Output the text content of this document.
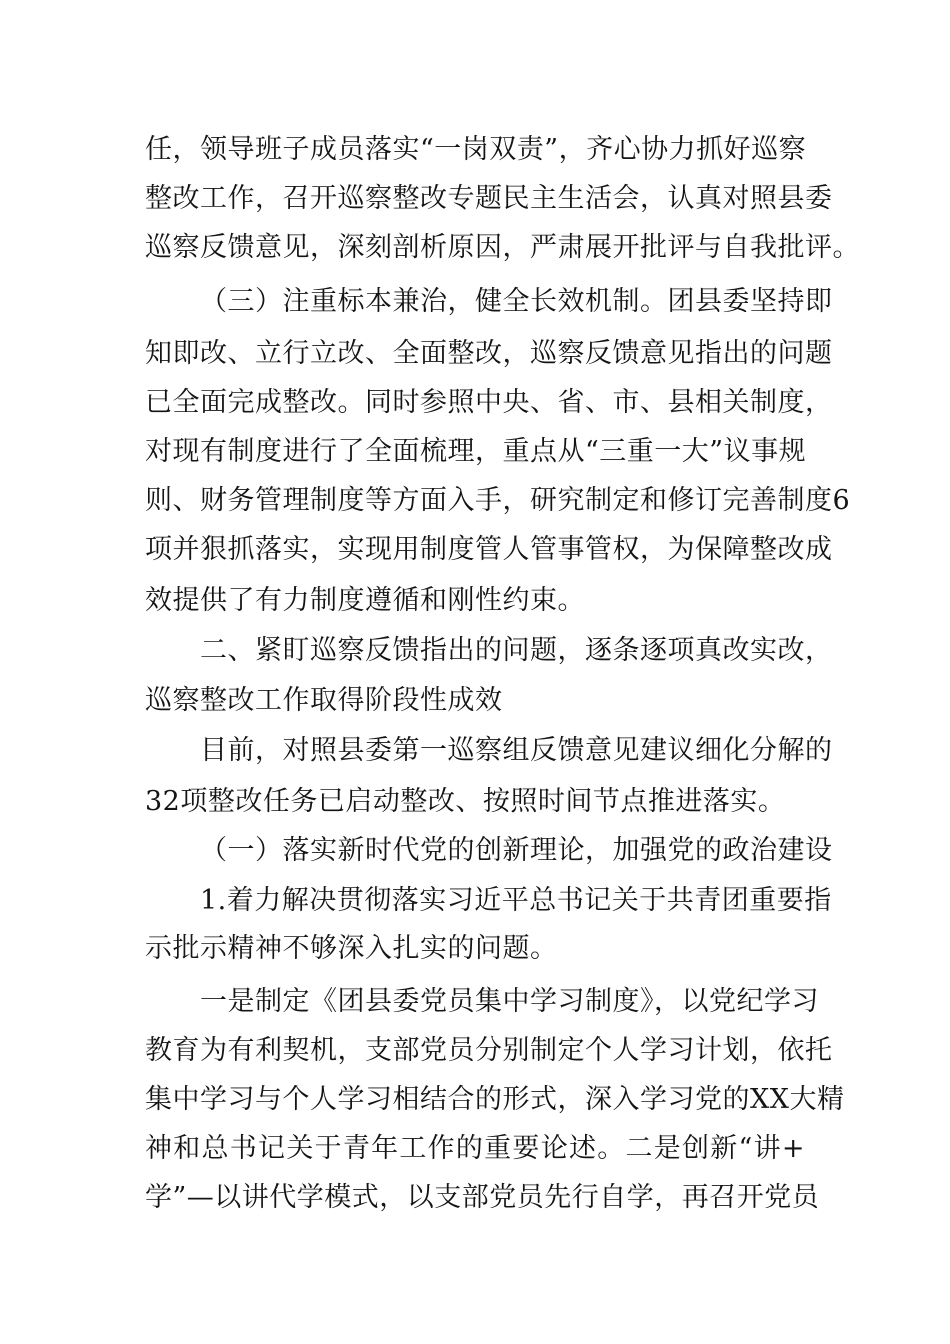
任，领导班子成员落实“一岗双责”，齐心协力抓好巡察
整改工作，召开巡察整改专题民主生活会，认真对照县委
巡察反馈意见，深刻剖析原因，严肃展开批评与自我批评。
（三）注重标本兼治，健全长效机制。团县委坚持即
知即改、立行立改、全面整改，巡察反馈意见指出的问题
已全面完成整改。同时参照中央、省、市、县相关制度，
对现有制度进行了全面梳理，重点从“三重一大”议事规
则、财务管理制度等方面入手，研究制定和修订完善制度6
项并狠抓落实，实现用制度管人管事管权，为保障整改成
效提供了有力制度遵循和刚性约束。
二、紧盯巡察反馈指出的问题，逐条逐项真改实改，
巡察整改工作取得阶段性成效
目前，对照县委第一巡察组反馈意见建议细化分解的
32项整改任务已启动整改、按照时间节点推进落实。
（一）落实新时代党的创新理论，加强党的政治建设
1.着力解决贯彻落实习近平总书记关于共青团重要指
示批示精神不够深入扎实的问题。
一是制定《团县委党员集中学习制度》，以党纪学习
教育为有利契机，支部党员分别制定个人学习计划，依托
集中学习与个人学习相结合的形式，深入学习党的XX大精
神和总书记关于青年工作的重要论述。二是创新“讲+
学”—以讲代学模式，以支部党员先行自学，再召开党员
